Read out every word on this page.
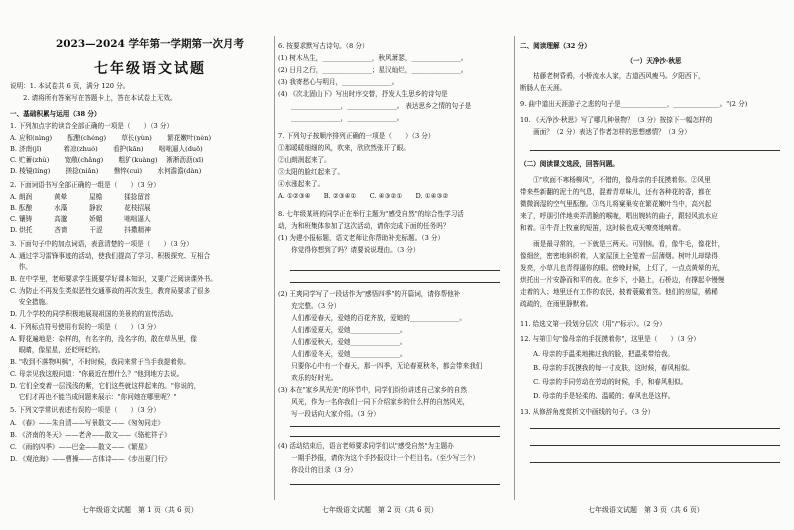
2023—2024 学年第一学期第一次月考
七年级语文试题
说明：1. 本试卷共 6 页，满分 120 分。
　　2. 请将所有答案写在答题卡上，答在本试卷上无效。
一、基础积累与运用（38 分）
1. 下列加点字的读音全部正确的一项是（　　）（3 分）
A. 应和(nìng)　　 酝酿(chéng)　　 草长(yùn)　　 繁花嫩叶(nèn)
B. 济南(jǐ)　　　 着凉(zhuó)　　 看护(kān)　　 咄咄逼人(duō)
C. 贮蓄(zhù)　　 宽敞(chǎng)　　 粗犷(kuàng)　 淅淅沥沥(xī)
D. 棱镜(líng)　　 搓捻(niǎn)　　 憔悴(cuì)　　 水何澹澹(dàn)
2. 下面词语书写全部正确的一组是（　　）（3 分）
A. 朗润　　　 黄晕　　　 屋檐　　　 揉捻留首
B. 酝酿　　　 水藻　　　 静寂　　　 花枝招展
C. 镶铸　　　 高邈　　　 娇媚　　　 咄咄逼人
D. 烘托　　　 吝啬　　　 干涩　　　 抖擞精神
3. 下面句子中的加点词语，表意清楚的一项是（　　）（3 分）
A. 通过学习雷锋事迹的活动，使我们提高了学习、积极探究、互相合
　 作。
B. 在中学里，老师要求学生既要学好课本知识，又要广泛阅读课外书。
C. 为防止不再发生类似恶性交通事故的再次发生，教育局要求了很多
　 安全措施。
D. 几个学校的同学积极地展现祖国的美景的的宣传活动。
4. 下列标点符号使用有误的一项是（　　）（3 分）
A. 野花遍地是：杂样的，有名字的，没名字的，散在草丛里，像
　 眼睛，像星星，还眨呀眨的。
B. "收到不落物叫枫"，不时时候，我同来常于当手我提着你。
C. 母亲见我这般问道："你最近在想什么？"他到地方去说。
D. 它们全变着一层浅浅的紫，它们这些就这样起来的。"你说的，
　 它们才再也不能当成问题来展示："你问她在哪里呢？"
5. 下列文学常识表述有误的一项是（　　）（3 分）
A. 《春》——朱自清——写景散文——《匆匆同走》
B. 《济南的冬天》——老舍——散文——《骆驼祥子》
C. 《雨的四季》——巴金——散文——《繁星》
D. 《观沧海》——曹操——古体诗——《步出夏门行》
6. 按要求默写古诗句。（8 分）
(1) 树木丛生，_______________，秋风萧瑟，_______________。
(2) 日月之行，_______________；星汉灿烂，_______________。
(3) 我寄愁心与明月，_______________。
(4) 《次北固山下》写出时序交替，抒发人生思乡的诗句是
　　_______________，_______________。 表达思乡之情的句子是
　　_______________，_______________。
7. 下列句子按顺序排列正确的一项是（　　）（3 分）
①那暖暖细细的风，吹来，欣欣然张开了眼。
②山朗润起来了。
③太阳的脸红起来了。
④水涨起来了。
A. ①②③④　　B. ②③④①　　C. ④③②①　　D. ①④③②
8. 七年级某班的同学正在举行主题为"感受自然"的综合性学习活
动，为和班集体参加了这次活动，请你完成下面的任务吗？
(1) 为建小报标题，语文老师让你帮助补充标题。（3 分）
　　你觉得你想到了吗？请要说说理由。（3 分）
(2) 王爽同学写了一段话作为"感悟四季"的开篇词，请你帮他补
　　充完整。（3 分）
　　人们都爱春天，爱她的百花齐放，爱她的_______________。
　　人们都爱夏天，爱她_______________。
　　人们都爱秋天，爱她_______________。
　　人们都爱冬天，爱她_______________。
　　只要你心中有一个春天，那一四季，无论春夏秋冬，都会带来我们
　　欢乐的好时光。
(3) 本在"家乡风光美"的环节中，同学们纷纷讲述自己家乡的自然
　　风光，作为一名你我们一同下介绍家乡的什么样的自然风光，
　　写一段话向大家介绍。（3 分）
(4) 活动结束后，语言老师要求同学们以"感受自然"为主题办
　　一期手抄报，请你为这个手抄报设计一个栏目名。（至少写三个）
　　你设计的目录（3 分）
二、阅读理解（32 分）
（一）天净沙·秋思
　　枯藤老树昏鸦，小桥流水人家，古道西风瘦马。夕阳西下，
断肠人在天涯。
9. 曲中道出天涯游子之悲的句子是______________，______________。"(2 分)
10. 《天净沙·秋思》写了哪几种景物？（3 分）按捺下一幅怎样的
　　画面？（2 分）表达了作者怎样的思想感情？（3 分）
（二）阅读课文选段，回答问题。
　　①"吹面不寒杨柳风"，不错的，像母亲的手抚摸着你。②风里
带来些新翻的泥土的气息，混着青草味儿，还有各种花的香，都在
微微润湿的空气里酝酿。③鸟儿将窠巢安在繁花嫩叶当中，高兴起
来了，呼朋引伴地卖弄清脆的喉咙，唱出婉转的曲子，跟轻风流水应
和着。④牛背上牧童的短笛，这时候也成天嘹亮地响着。
　　雨是最寻常的，一下就是三两天。可别恼。看，像牛毛，像花针，
像细丝，密密地斜织着，人家屋顶上全笼着一层薄烟。树叶儿却绿得
发亮，小草儿也青得逼你的眼。傍晚时候，上灯了，一点点黄晕的光，
烘托出一片安静而和平的夜。在乡下，小路上，石桥边，有撑起伞慢慢
走着的人；地里还有工作的农民，披着蓑戴着笠。他们的房屋，稀稀
疏疏的，在雨里静默着。
11. 给选文第一段划分层次（用"/"标示）。（2 分）
12. 与第①句"像母亲的手抚摸着你"，这里是（　　）（3 分）
　　A. 母亲的手温柔地拂过我的脸，把温柔带给我。
　　B. 母亲的手抚摸我的每一寸皮肤，这时候，春风相似。
　　C. 母亲的手同劳动在劳动的时候，手，和春风相似。
　　D. 母亲的手是轻柔的、温暖的；春风也是这样。
13. 从修辞角度赏析文中画线的句子。（3 分）
七年级语文试题　第 1 页（共 6 页）	七年级语文试题　第 2 页（共 6 页）	七年级语文试题　第 3 页（共 6 页）
